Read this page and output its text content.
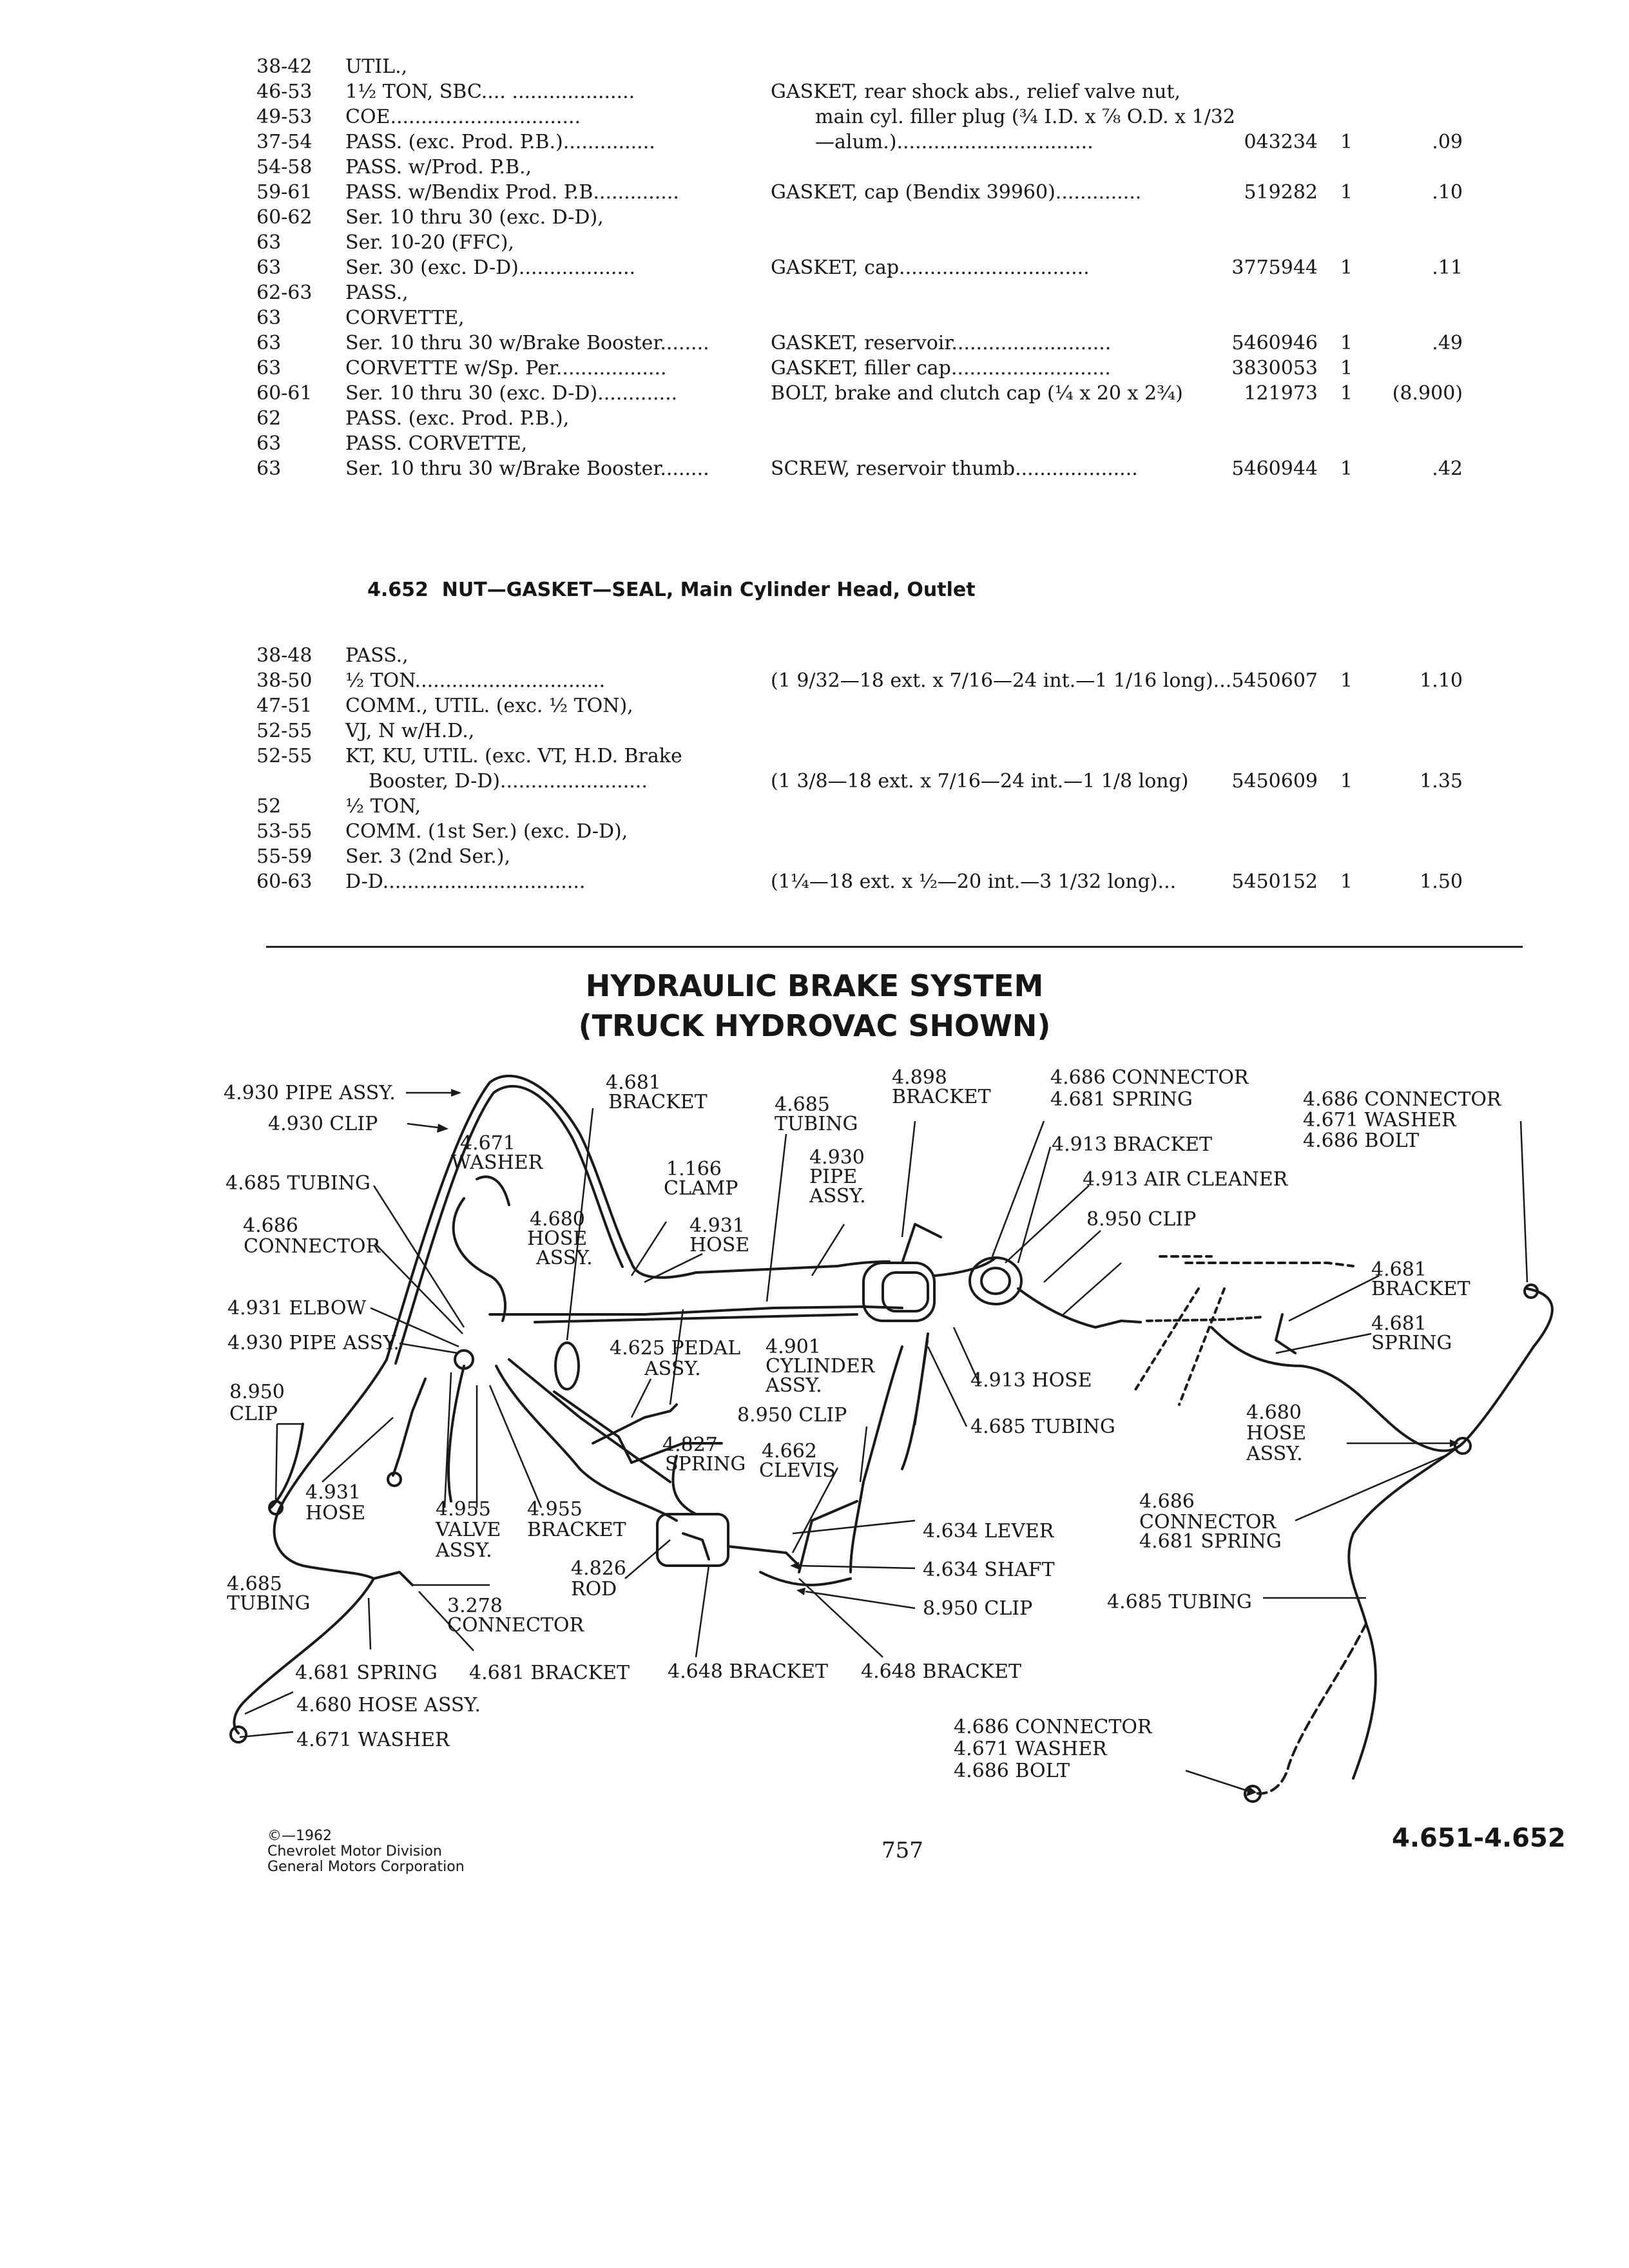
38-42 UTIL.,
46-53 1½ TON, SBC.... ....................	GASKET, rear shock abs., relief valve nut,
49-53 COE...............................	main cyl. filler plug (¾ I.D. x ⅞ O.D. x 1/32
37-54 PASS. (exc. Prod. P.B.)...............	—alum.)................................	043234 1	.09
54-58 PASS. w/Prod. P.B.,
59-61 PASS. w/Bendix Prod. P.B..............	GASKET, cap (Bendix 39960)..............	519282 1	.10
60-62 Ser. 10 thru 30 (exc. D-D),
63	Ser. 10-20 (FFC),
63	Ser. 30 (exc. D-D)...................	GASKET, cap...............................	3775944 1	.11
62-63 PASS.,
63	CORVETTE,
63	Ser. 10 thru 30 w/Brake Booster........	GASKET, reservoir..........................	5460946 1	.49
63	CORVETTE w/Sp. Per..................	GASKET, filler cap..........................	3830053 1
60-61 Ser. 10 thru 30 (exc. D-D).............	BOLT, brake and clutch cap (¼ x 20 x 2¾)	121973 1 (8.900)
62	PASS. (exc. Prod. P.B.),
63	PASS. CORVETTE,
63	Ser. 10 thru 30 w/Brake Booster........	SCREW, reservoir thumb....................	5460944 1	.42
4.652 NUT—GASKET—SEAL, Main Cylinder Head, Outlet
38-48 PASS.,
38-50 ½ TON...............................	(1 9/32—18 ext. x 7/16—24 int.—1 1/16 long)... 5450607 1	1.10
47-51 COMM., UTIL. (exc. ½ TON),
52-55 VJ, N w/H.D.,
52-55 KT, KU, UTIL. (exc. VT, H.D. Brake
Booster, D-D)........................	(1 3/8—18 ext. x 7/16—24 int.—1 1/8 long) 5450609 1	1.35
52	½ TON,
53-55 COMM. (1st Ser.) (exc. D-D),
55-59 Ser. 3 (2nd Ser.),
60-63 D-D.................................	(1¼—18 ext. x ½—20 int.—3 1/32 long)...	5450152 1	1.50
HYDRAULIC BRAKE SYSTEM
(TRUCK HYDROVAC SHOWN)
4.930 PIPE ASSY.
4.930 CLIP
4.671
WASHER
4.685 TUBING
4.686
CONNECTOR
4.680
HOSE
ASSY.
4.681
BRACKET
1.166
CLAMP
4.931
HOSE
4.685
TUBING
4.930
PIPE
ASSY.
4.898
BRACKET
4.686 CONNECTOR
4.681 SPRING
4.913 BRACKET
4.913 AIR CLEANER
8.950 CLIP
4.686 CONNECTOR
4.671 WASHER
4.686 BOLT
4.681
BRACKET
4.681
SPRING
4.931 ELBOW
4.930 PIPE ASSY.	4.625 PEDAL
ASSY.
4.901
CYLINDER
ASSY.	4.913 HOSE
8.950
CLIP	8.950 CLIP
4.685 TUBING
4.680
HOSE
ASSY.
4.827
SPRING
4.662
CLEVIS
4.931
HOSE	4.955
VALVE
ASSY.
4.955
BRACKET
4.686
CONNECTOR
4.681 SPRING
4.634 LEVER
4.634 SHAFT
4.685
TUBING
4.826
ROD
8.950 CLIP	4.685 TUBING
3.278
CONNECTOR
4.681 SPRING 4.681 BRACKET 4.648 BRACKET 4.648 BRACKET
4.680 HOSE ASSY.
4.671 WASHER
4.686 CONNECTOR
4.671 WASHER
4.686 BOLT
©—1962
Chevrolet Motor Division
General Motors Corporation
757	4.651-4.652
